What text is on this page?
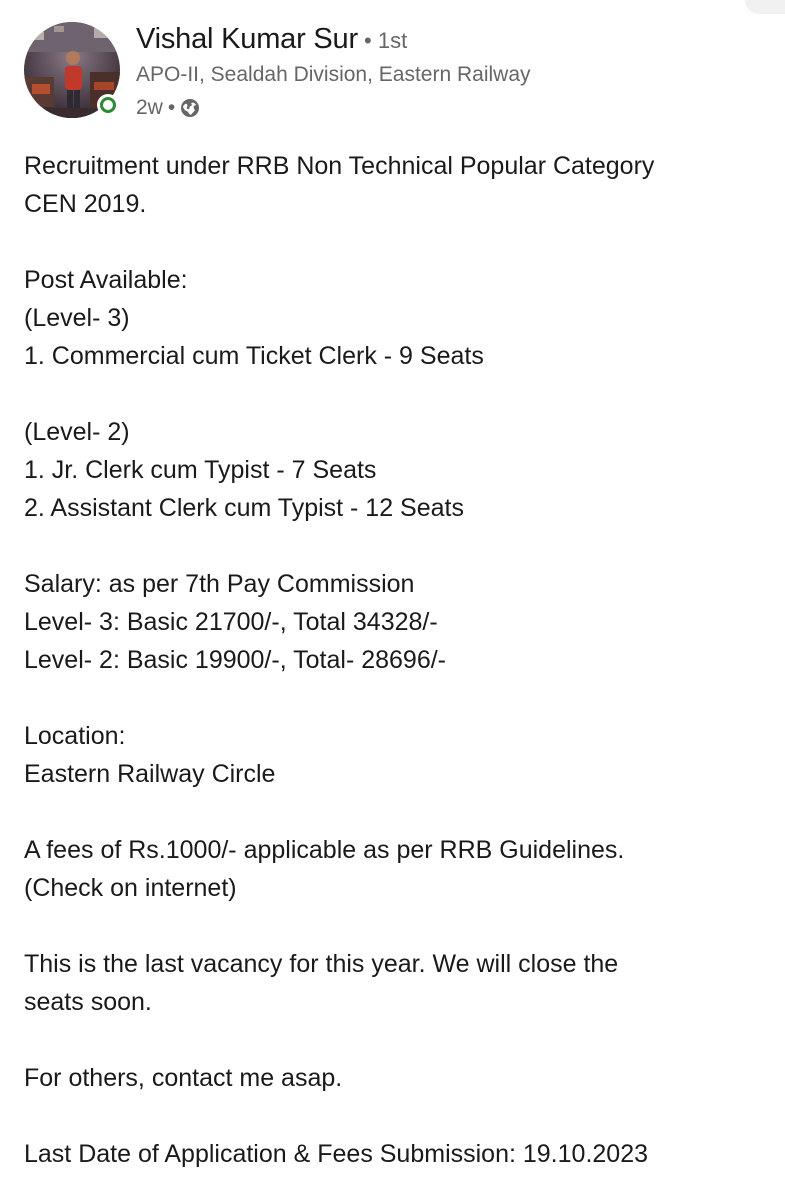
Vishal Kumar Sur • 1st
APO-II, Sealdah Division, Eastern Railway
2w •
Recruitment under RRB Non Technical Popular Category
CEN 2019.
Post Available:
(Level- 3)
1. Commercial cum Ticket Clerk - 9 Seats
(Level- 2)
1. Jr. Clerk cum Typist - 7 Seats
2. Assistant Clerk cum Typist - 12 Seats
Salary: as per 7th Pay Commission
Level- 3: Basic 21700/-, Total 34328/-
Level- 2: Basic 19900/-, Total- 28696/-
Location:
Eastern Railway Circle
A fees of Rs.1000/- applicable as per RRB Guidelines.
(Check on internet)
This is the last vacancy for this year. We will close the
seats soon.
For others, contact me asap.
Last Date of Application & Fees Submission: 19.10.2023
